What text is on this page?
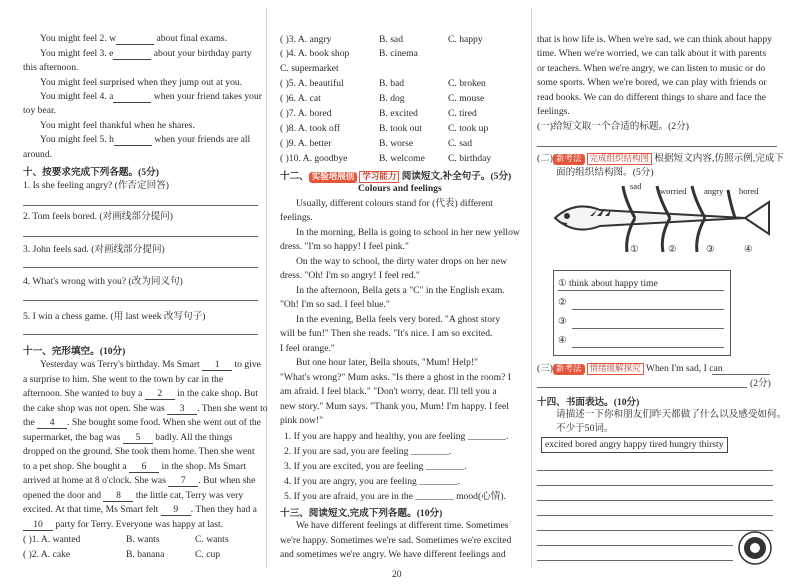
You might feel 2. w	about final exams.
You might feel 3. e	about your birthday party
this afternoon.
You might feel surprised when they jump out at you.
You might feel 4. a	when your friend takes your
toy bear.
You might feel thankful when he shares.
You might feel 5. h	when your friends are all
around.
十、按要求完成下列各题。(5分)
1. Is she feeling angry? (作否定回答)
2. Tom feels bored. (对画线部分提问)
3. John feels sad. (对画线部分提问)
4. What's wrong with you? (改为同义句)
5. I win a chess game. (用 last week 改写句子)
十一、完形填空。(10分)
Yesterday was Terry's birthday. Ms Smart 1 to give
a surprise to him. She went to the town by car in the
afternoon. She wanted to buy a 2 in the cake shop. But
the cake shop was not open. She was 3 . Then she went to
the 4 . She bought some food. When she went out of the
supermarket, the bag was 5 badly. All the things
dropped on the ground. She took them home. Then she went
to a pet shop. She bought a 6 in the shop. Ms Smart
arrived at home at 8 o'clock. She was 7 . But when she
opened the door and 8 the little cat, Terry was very
excited. At that time, Ms Smart felt 9 . Then they had a
10 party for Terry. Everyone was happy at last.
( )1. A. wanted	B. wants	C. wants
( )2. A. cake	B. banana	C. cup
( )3. A. angry	B. sad	C. happy
( )4. A. book shop	B. cinema
C. supermarket
( )5. A. beautiful	B. bad	C. broken
( )6. A. cat	B. dog	C. mouse
( )7. A. bored	B. excited	C. tired
( )8. A. took off	B. took out	C. took up
( )9. A. better	B. worse	C. sad
( )10. A. goodbye	B. welcome C. birthday
十二、 实验培展创 学习能力 阅读短文,补全句子。(5分)
Colours and feelings
Usually, different colours stand for (代表) different
feelings.
In the morning, Bella is going to school in her new yellow
dress. "I'm so happy! I feel pink."
On the way to school, the dirty water drops on her new
dress. "Oh! I'm so angry! I feel red."
In the afternoon, Bella gets a "C" in the English exam.
"Oh! I'm so sad. I feel blue."
In the evening, Bella feels very bored. "A ghost story
will be fun!" Then she reads. "It's nice. I am so excited.
I feel orange."
But one hour later, Bella shouts, "Mum! Help!"
"What's wrong?" Mum asks. "Is there a ghost in the room? I
am afraid. I feel black." "Don't worry, dear. I'll tell you a
new story." Mum says. "Thank you, Mum! I'm happy. I feel
pink now!"
1. If you are happy and healthy, you are feeling ________.
2. If you are sad, you are feeling ________.
3. If you are excited, you are feeling ________.
4. If you are angry, you are feeling ________.
5. If you are afraid, you are in the ________ mood(心情).
十三、阅读短文,完成下列各题。(10分)
We have different feelings at different time. Sometimes
we're happy. Sometimes we're sad. Sometimes we're excited
and sometimes we're angry. We have different feelings and
20
that is how life is. When we're sad, we can think about happy
time. When we're worried, we can talk about it with parents
or teachers. When we're angry, we can listen to music or do
some sports. When we're bored, we can play with friends or
read books. We can do different things to share and face the
feelings.
(一)给短文取一个合适的标题。(2分)
(二) 新考法 完成组织结构图 根据短文内容,仿照示例,完成下
面的组织结构图。(5分)
sad worried angry bored
①	②	③	④
① think about happy time
②
③
④
(三) 新考法 情绪缓解探究 When I'm sad, I can
(2分)
十四、书面表达。(10分)
请描述一下你和朋友们昨天都做了什么以及感受如何。
不少于50词。
excited bored angry happy tired hungry thirsty
